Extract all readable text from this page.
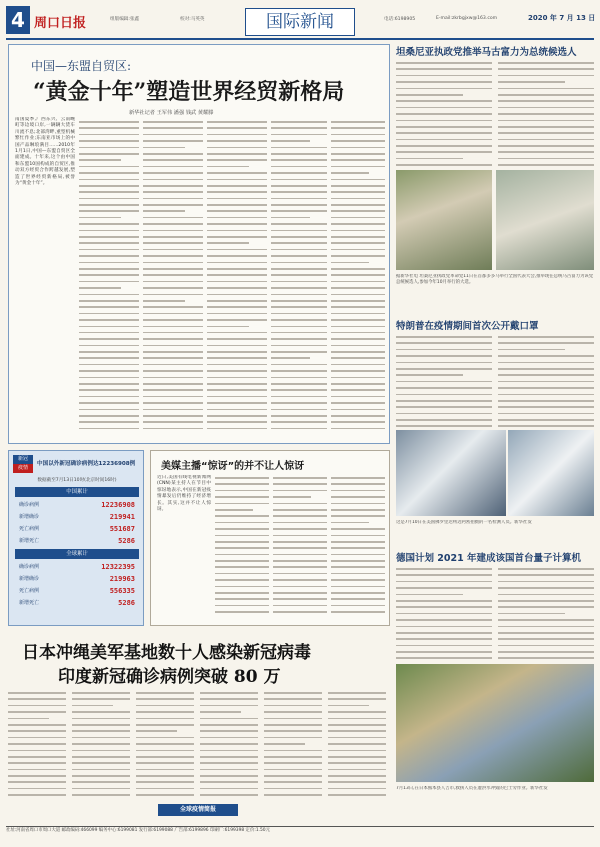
4 周口日报	组版编辑:张鑫	校对:马英英	国际新闻	电话:6198905	E-mail:zkrbgjxw@163.com	2020 年 7 月 13 日
中国—东盟自贸区:
“黄金十年”塑造世界经贸新格局
新华社记者 王军伟 潘强 钱武 黄耀滕
南国夏季,广西东兴、云南畹町等边境口岸,一辆辆大货车川流不息;北部湾畔,重型机械繁忙作业;东南亚市场上的中国产品琳琅满目……2010年1月1日,中国—东盟自贸区全面建成。十年来,这个由中国和东盟10国构成的自贸区,推动双方经贸合作跨越发展,塑造了世界经贸新格局,被誉为“黄金十年”。
坦桑尼亚执政党推举马古富力为总统候选人
据新华社电 坦桑尼亚执政党革命党11日在首都多多马举行全国代表大会,推举现任总统马古富力为该党总统候选人,参加今年10月举行的大选。
特朗普在疫情期间首次公开戴口罩
这是7月10日在美国佛罗里达州迈阿密拍摄的一名检测人员。新华社发
德国计划 2021 年建成该国首台量子计算机
7月13日,在日本熊本县人吉市,救援人员在遭洪水冲毁的巴士旁作业。新华社发
新冠
疫情
中国以外新冠确诊病例达12236908例
数据截至7月13日10时(北京时间16时)
中国累计
确诊病例	12236908
新增确诊	219941
死亡病例	551687
新增死亡	5286
全球累计
确诊病例	12322395
新增确诊	219963
死亡病例	556335
新增死亡	5286
美媒主播“惊讶”的并不让人惊讶
近日,美国有线电视新闻网(CNN)某主持人在节目中惊讶地表示,中国在新冠疫情暴发后仍维持了经济增长。其实,这并不让人惊讶。
日本冲绳美军基地数十人感染新冠病毒
印度新冠确诊病例突破 80 万
全球疫情简报
社址:河南省周口市周口大道 邮政编码:466099 编务中心:6199081 发行部:6199088 广告部:6199896 印刷厂:6199398 定价:1.50元
